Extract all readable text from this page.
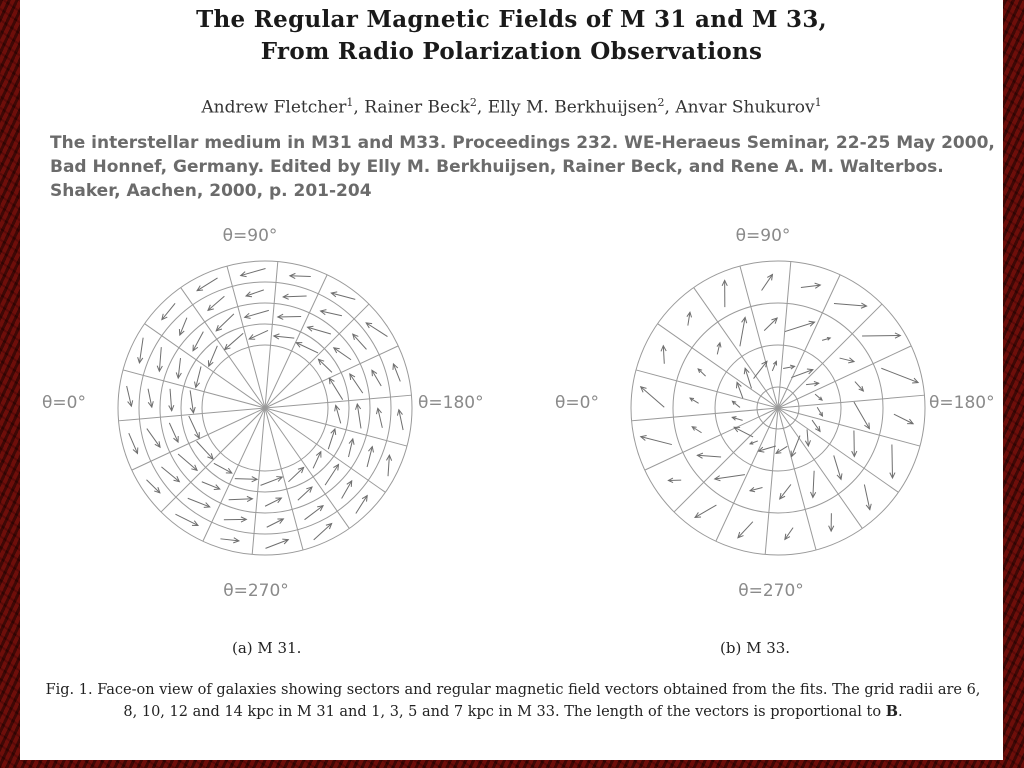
The Regular Magnetic Fields of M 31 and M 33,
From Radio Polarization Observations
Andrew Fletcher$^1$, Rainer Beck$^2$, Elly M. Berkhuijsen$^2$, Anvar Shukurov$^1$
The interstellar medium in M31 and M33. Proceedings 232. WE-Heraeus Seminar, 22-25 May 2000, Bad Honnef, Germany. Edited by Elly M. Berkhuijsen, Rainer Beck, and Rene A. M. Walterbos. Shaker, Aachen, 2000, p. 201-204
θ=90°
θ=0°	θ=180°
θ=270°
θ=90°
θ=0°	θ=180°
θ=270°
(a) M 31.	(b) M 33.
Fig. 1. Face-on view of galaxies showing sectors and regular magnetic field vectors obtained from the fits. The grid radii are 6, 8, 10, 12 and 14 kpc in M 31 and 1, 3, 5 and 7 kpc in M 33. The length of the vectors is proportional to B.
